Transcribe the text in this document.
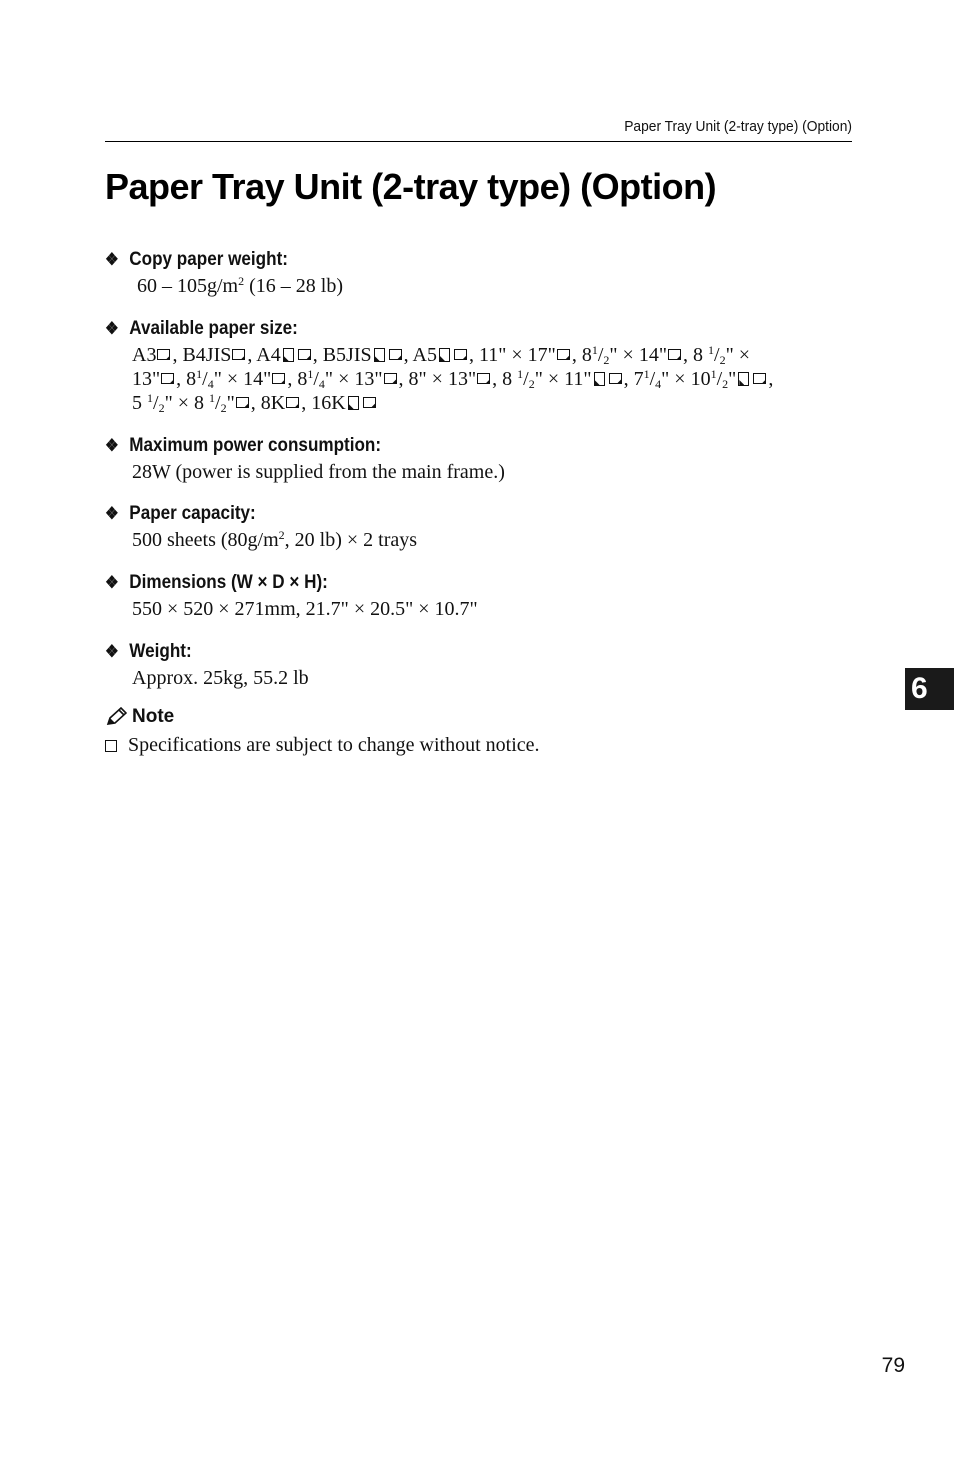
Paper Tray Unit (2-tray type) (Option)
Paper Tray Unit (2-tray type) (Option)
❖ Copy paper weight:
$60 - 105g/m^2$ (16 – 28 lb)
❖ Available paper size:
A3 , B4JIS , A4 , B5JIS , A5 , 11" × 17" , $8^1/_2$" × 14" , 8 $^1/_2$" ×
13" , $8^1/_4$" × 14" , $8^1/_4$" × 13" , 8" × 13" , 8 $^1/_2$" × 11" , $7^1/_4$" × $10^1/_2$" ,
5 $^1/_2$" × 8 $^1/_2$" , 8K , 16K
❖ Maximum power consumption:
28W (power is supplied from the main frame.)
❖ Paper capacity:
500 sheets ($80g/m^2$, 20 lb) × 2 trays
❖ Dimensions (W × D × H):
550 × 520 × 271mm, 21.7" × 20.5" × 10.7"
❖ Weight:
Approx. 25kg, 55.2 lb
Note
Specifications are subject to change without notice.
6
79
